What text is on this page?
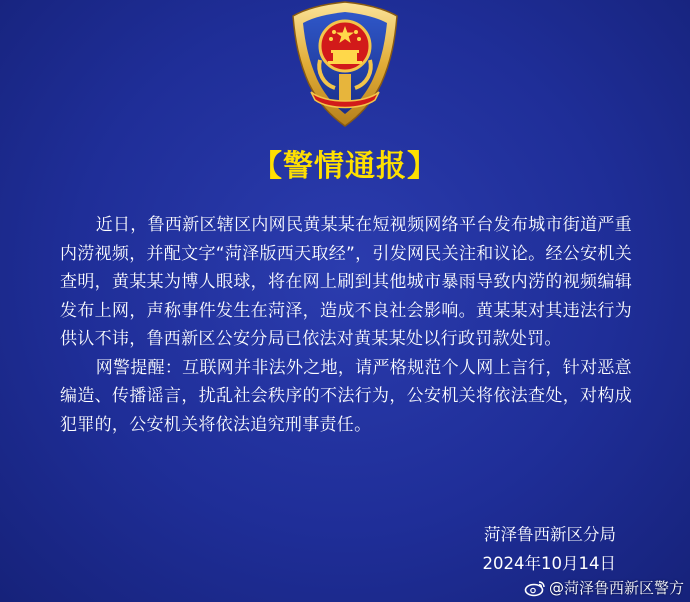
【警情通报】

近日，鲁西新区辖区内网民黄某某在短视频网络平台发布城市街道严重内涝视频，并配文字“菏泽版西天取经”，引发网民关注和议论。经公安机关查明，黄某某为博人眼球，将在网上刷到其他城市暴雨导致内涝的视频编辑发布上网，声称事件发生在菏泽，造成不良社会影响。黄某某对其违法行为供认不讳，鲁西新区公安分局已依法对黄某某处以行政罚款处罚。

网警提醒：互联网并非法外之地，请严格规范个人网上言行，针对恶意编造、传播谣言，扰乱社会秩序的不法行为，公安机关将依法查处，对构成犯罪的，公安机关将依法追究刑事责任。

菏泽鲁西新区分局
2024年10月14日
@菏泽鲁西新区警方
